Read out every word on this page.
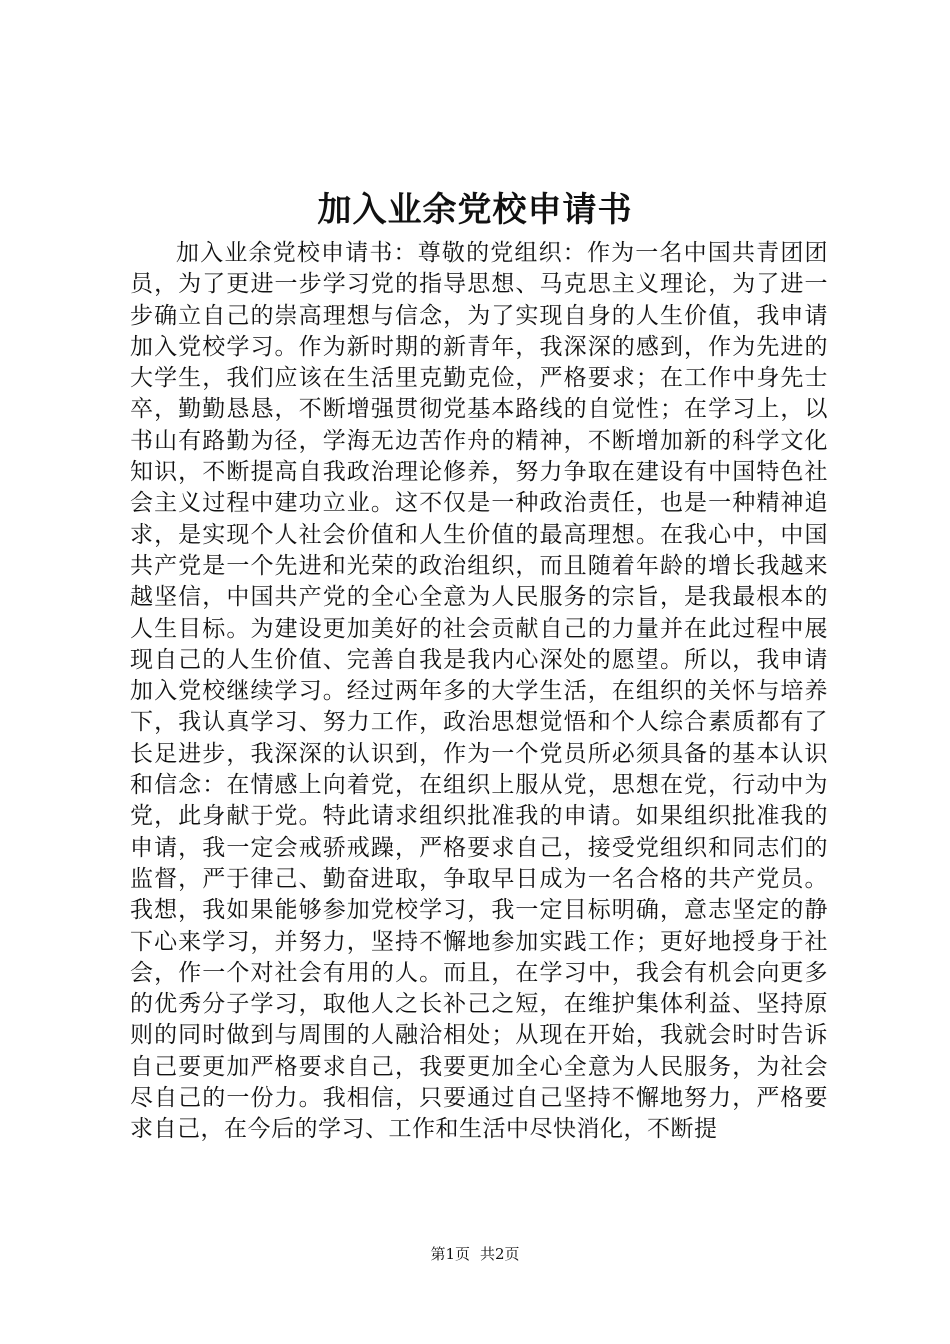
加入业余党校申请书

加入业余党校申请书：尊敬的党组织：作为一名中国共青团团员，为了更进一步学习党的指导思想、马克思主义理论，为了进一步确立自己的崇高理想与信念，为了实现自身的人生价值，我申请加入党校学习。作为新时期的新青年，我深深的感到，作为先进的大学生，我们应该在生活里克勤克俭，严格要求；在工作中身先士卒，勤勤恳恳，不断增强贯彻党基本路线的自觉性；在学习上，以书山有路勤为径，学海无边苦作舟的精神，不断增加新的科学文化知识，不断提高自我政治理论修养，努力争取在建设有中国特色社会主义过程中建功立业。这不仅是一种政治责任，也是一种精神追求，是实现个人社会价值和人生价值的最高理想。在我心中，中国共产党是一个先进和光荣的政治组织，而且随着年龄的增长我越来越坚信，中国共产党的全心全意为人民服务的宗旨，是我最根本的人生目标。为建设更加美好的社会贡献自己的力量并在此过程中展现自己的人生价值、完善自我是我内心深处的愿望。所以，我申请加入党校继续学习。经过两年多的大学生活，在组织的关怀与培养下，我认真学习、努力工作，政治思想觉悟和个人综合素质都有了长足进步，我深深的认识到，作为一个党员所必须具备的基本认识和信念：在情感上向着党，在组织上服从党，思想在党，行动中为党，此身献于党。特此请求组织批准我的申请。如果组织批准我的申请，我一定会戒骄戒躁，严格要求自己，接受党组织和同志们的监督，严于律己、勤奋进取，争取早日成为一名合格的共产党员。我想，我如果能够参加党校学习，我一定目标明确，意志坚定的静下心来学习，并努力，坚持不懈地参加实践工作；更好地授身于社会，作一个对社会有用的人。而且，在学习中，我会有机会向更多的优秀分子学习，取他人之长补己之短，在维护集体利益、坚持原则的同时做到与周围的人融洽相处；从现在开始，我就会时时告诉自己要更加严格要求自己，我要更加全心全意为人民服务，为社会尽自己的一份力。我相信，只要通过自己坚持不懈地努力，严格要求自己，在今后的学习、工作和生活中尽快消化，不断提

第1页 共2页
